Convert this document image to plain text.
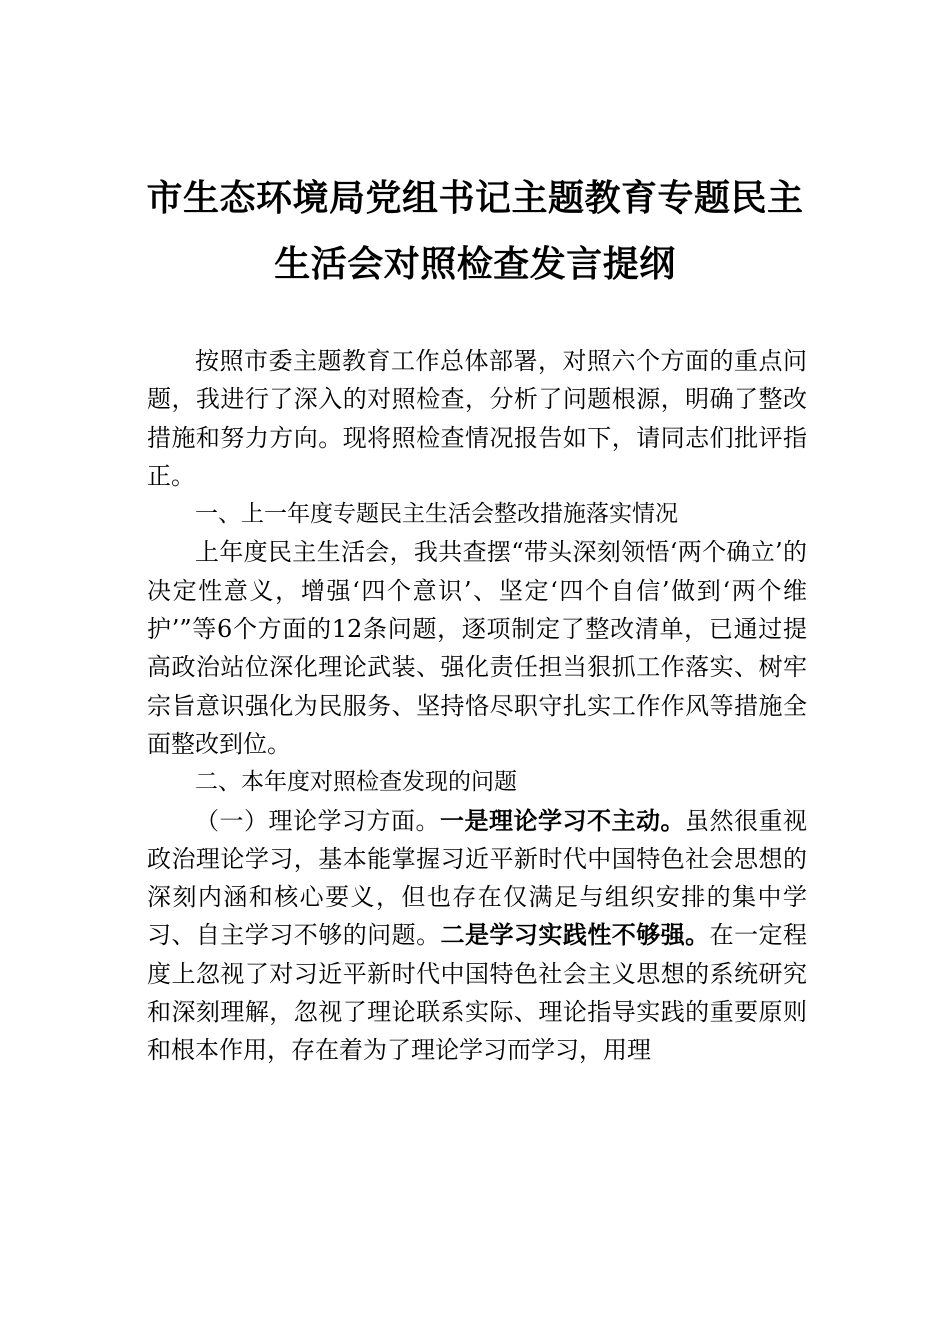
市生态环境局党组书记主题教育专题民主
生活会对照检查发言提纲

按照市委主题教育工作总体部署，对照六个方面的重点问题，我进行了深入的对照检查，分析了问题根源，明确了整改措施和努力方向。现将照检查情况报告如下，请同志们批评指正。

一、上一年度专题民主生活会整改措施落实情况

上年度民主生活会，我共查摆“带头深刻领悟‘两个确立’的决定性意义，增强‘四个意识’、坚定‘四个自信’做到‘两个维护’”等6个方面的12条问题，逐项制定了整改清单，已通过提高政治站位深化理论武装、强化责任担当狠抓工作落实、树牢宗旨意识强化为民服务、坚持恪尽职守扎实工作作风等措施全面整改到位。

二、本年度对照检查发现的问题

（一）理论学习方面。一是理论学习不主动。虽然很重视政治理论学习，基本能掌握习近平新时代中国特色社会思想的深刻内涵和核心要义，但也存在仅满足与组织安排的集中学习、自主学习不够的问题。二是学习实践性不够强。在一定程度上忽视了对习近平新时代中国特色社会主义思想的系统研究和深刻理解，忽视了理论联系实际、理论指导实践的重要原则和根本作用，存在着为了理论学习而学习，用理
